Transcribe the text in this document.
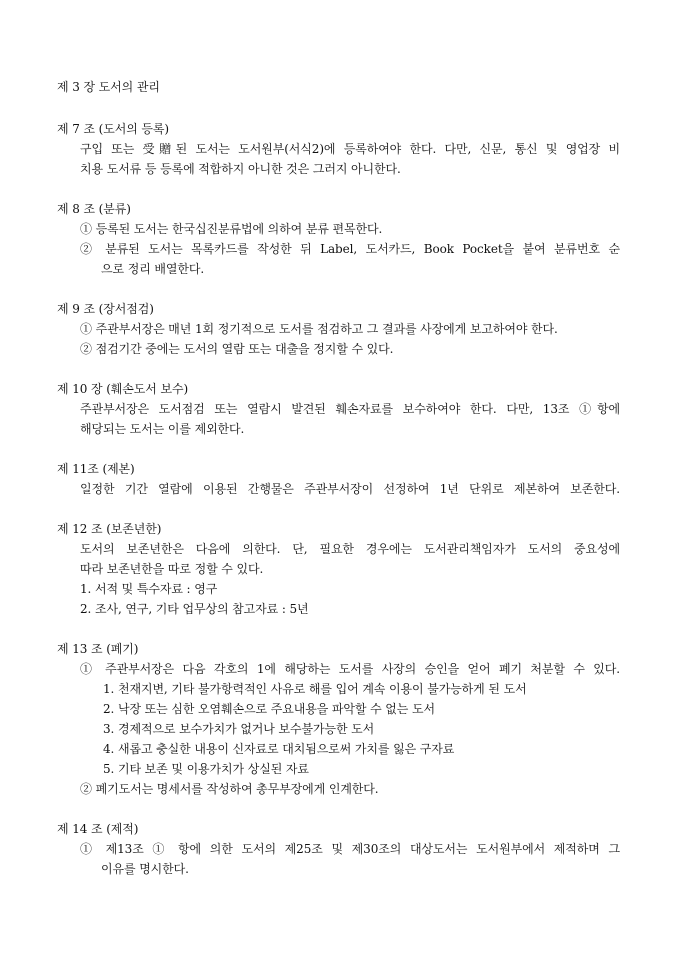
제 3 장 도서의 관리
제 7 조 (도서의 등록)
구입 또는 受贈된 도서는 도서원부(서식2)에 등록하여야 한다. 다만, 신문, 통신 및 영업장 비
치용 도서류 등 등록에 적합하지 아니한 것은 그러지 아니한다.
제 8 조 (분류)
① 등록된 도서는 한국십진분류법에 의하여 분류 편목한다.
② 분류된 도서는 목록카드를 작성한 뒤 Label, 도서카드, Book Pocket을 붙여 분류번호 순
으로 정리 배열한다.
제 9 조 (장서점검)
① 주관부서장은 매년 1회 정기적으로 도서를 점검하고 그 결과를 사장에게 보고하여야 한다.
② 점검기간 중에는 도서의 열람 또는 대출을 정지할 수 있다.
제 10 장 (훼손도서 보수)
주관부서장은 도서점검 또는 열람시 발견된 훼손자료를 보수하여야 한다. 다만, 13조 ①항에
해당되는 도서는 이를 제외한다.
제 11조 (제본)
일정한 기간 열람에 이용된 간행물은 주관부서장이 선정하여 1년 단위로 제본하여 보존한다.
제 12 조 (보존년한)
도서의 보존년한은 다음에 의한다. 단, 필요한 경우에는 도서관리책임자가 도서의 중요성에
따라 보존년한을 따로 정할 수 있다.
1. 서적 및 특수자료 : 영구
2. 조사, 연구, 기타 업무상의 참고자료 : 5년
제 13 조 (폐기)
① 주관부서장은 다음 각호의 1에 해당하는 도서를 사장의 승인을 얻어 폐기 처분할 수 있다.
1. 천재지변, 기타 불가항력적인 사유로 해를 입어 계속 이용이 불가능하게 된 도서
2. 낙장 또는 심한 오염훼손으로 주요내용을 파악할 수 없는 도서
3. 경제적으로 보수가치가 없거나 보수불가능한 도서
4. 새롭고 충실한 내용이 신자료로 대치됨으로써 가치를 잃은 구자료
5. 기타 보존 및 이용가치가 상실된 자료
② 폐기도서는 명세서를 작성하여 총무부장에게 인계한다.
제 14 조 (제적)
① 제13조 ① 항에 의한 도서의 제25조 및 제30조의 대상도서는 도서원부에서 제적하며 그
이유를 명시한다.
